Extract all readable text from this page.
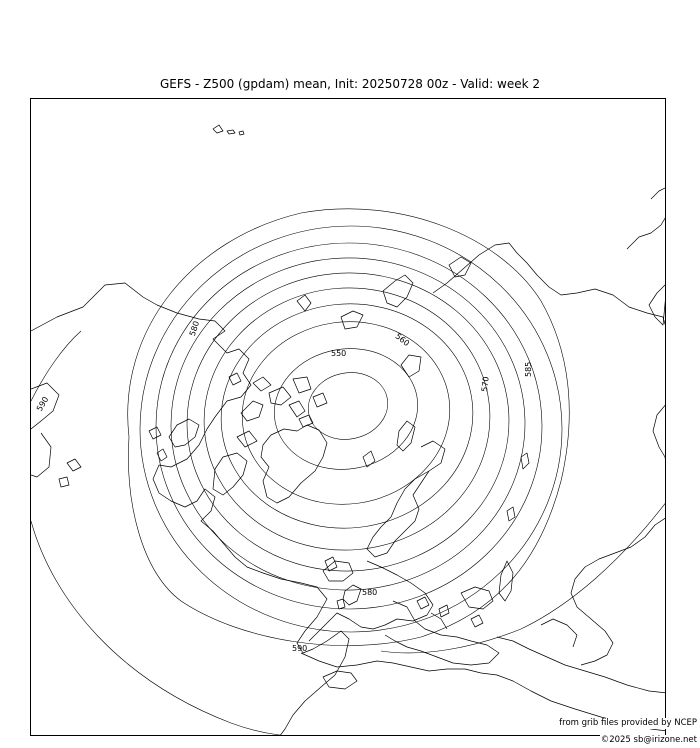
GEFS - Z500 (gpdam) mean, Init: 20250728 00z - Valid: week 2
550
560
570
580
580
585
590
590
from grib files provided by NCEP
©2025 sb@irizone.net
